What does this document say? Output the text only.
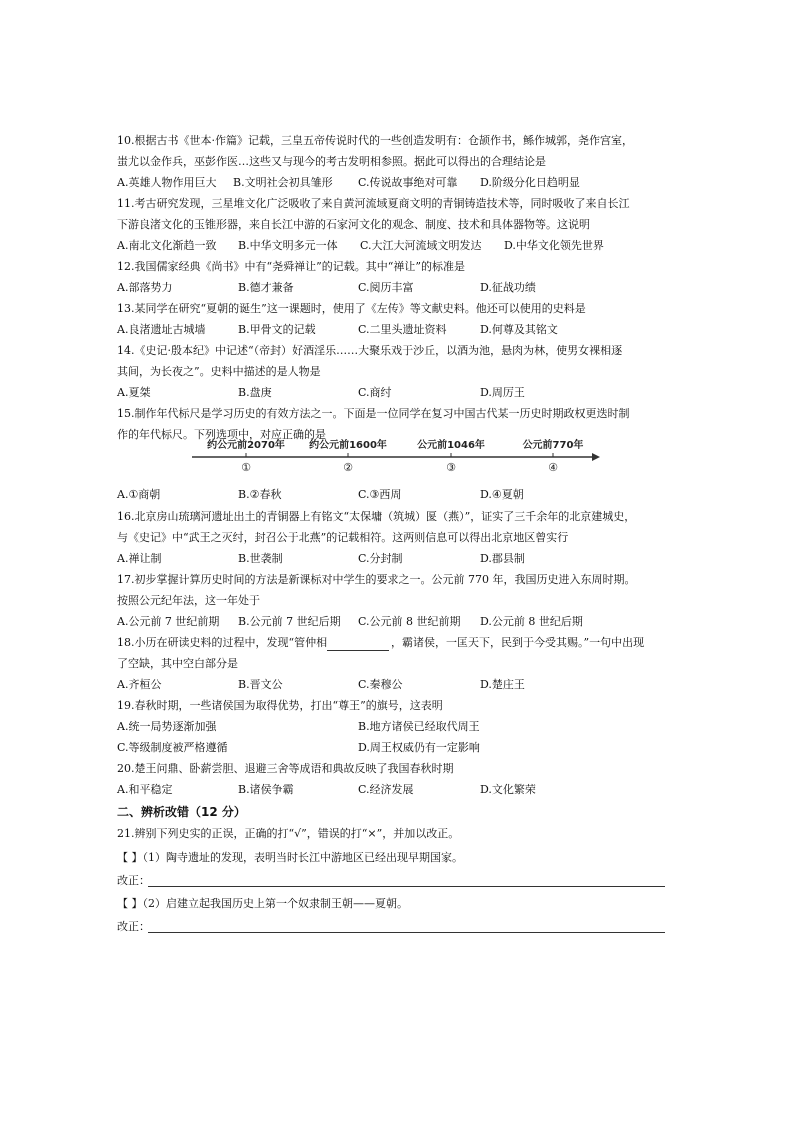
10.根据古书《世本·作篇》记载，三皇五帝传说时代的一些创造发明有：仓颉作书，鲧作城郭，尧作宫室，
蚩尤以金作兵，巫彭作医…这些又与现今的考古发明相参照。据此可以得出的合理结论是
A.英雄人物作用巨大 B.文明社会初具雏形 C.传说故事绝对可靠 D.阶级分化日趋明显
11.考古研究发现，三星堆文化广泛吸收了来自黄河流域夏商文明的青铜铸造技术等，同时吸收了来自长江
下游良渚文化的玉锥形器，来自长江中游的石家河文化的观念、制度、技术和具体器物等。这说明
A.南北文化渐趋一致 B.中华文明多元一体 C.大江大河流域文明发达 D.中华文化领先世界
12.我国儒家经典《尚书》中有“尧舜禅让”的记载。其中“禅让”的标准是
A.部落势力	B.德才兼备	C.阅历丰富	D.征战功绩
13.某同学在研究“夏朝的诞生”这一课题时，使用了《左传》等文献史料。他还可以使用的史料是
A.良渚遗址古城墙	B.甲骨文的记载	C.二里头遗址资料	D.何尊及其铭文
14.《史记·殷本纪》中记述“（帝封）好酒淫乐……大聚乐戏于沙丘，以酒为池，悬肉为林，使男女裸相逐
其间，为长夜之”。史料中描述的是人物是
A.夏桀	B.盘庚	C.商纣	D.周厉王
15.制作年代标尺是学习历史的有效方法之一。下面是一位同学在复习中国古代某一历史时期政权更迭时制
作的年代标尺。下列选项中，对应正确的是
约公元前2070年 约公元前1600年	公元前1046年	公元前770年
①	②	③	④
A.①商朝	B.②春秋	C.③西周	D.④夏朝
16.北京房山琉璃河遗址出土的青铜器上有铭文“太保墉（筑城）匽（燕）”，证实了三千余年的北京建城史，
与《史记》中“武王之灭纣，封召公于北燕”的记载相符。这两则信息可以得出北京地区曾实行
A.禅让制	B.世袭制	C.分封制	D.郡县制
17.初步掌握计算历史时间的方法是新课标对中学生的要求之一。公元前 770 年，我国历史进入东周时期。
按照公元纪年法，这一年处于
A.公元前 7 世纪前期 B.公元前 7 世纪后期 C.公元前 8 世纪前期 D.公元前 8 世纪后期
18.小历在研读史料的过程中，发现“管仲相	，霸诸侯，一匡天下，民到于今受其赐。”一句中出现
了空缺，其中空白部分是
A.齐桓公	B.晋文公	C.秦穆公	D.楚庄王
19.春秋时期，一些诸侯国为取得优势，打出“尊王”的旗号，这表明
A.统一局势逐渐加强	B.地方诸侯已经取代周王
C.等级制度被严格遵循	D.周王权威仍有一定影响
20.楚王问鼎、卧薪尝胆、退避三舍等成语和典故反映了我国春秋时期
A.和平稳定	B.诸侯争霸	C.经济发展	D.文化繁荣
二、辨析改错（12 分）
21.辨别下列史实的正误，正确的打“√”，错误的打“×”，并加以改正。
【 】（1）陶寺遗址的发现，表明当时长江中游地区已经出现早期国家。
改正：
【 】（2）启建立起我国历史上第一个奴隶制王朝——夏朝。
改正：
